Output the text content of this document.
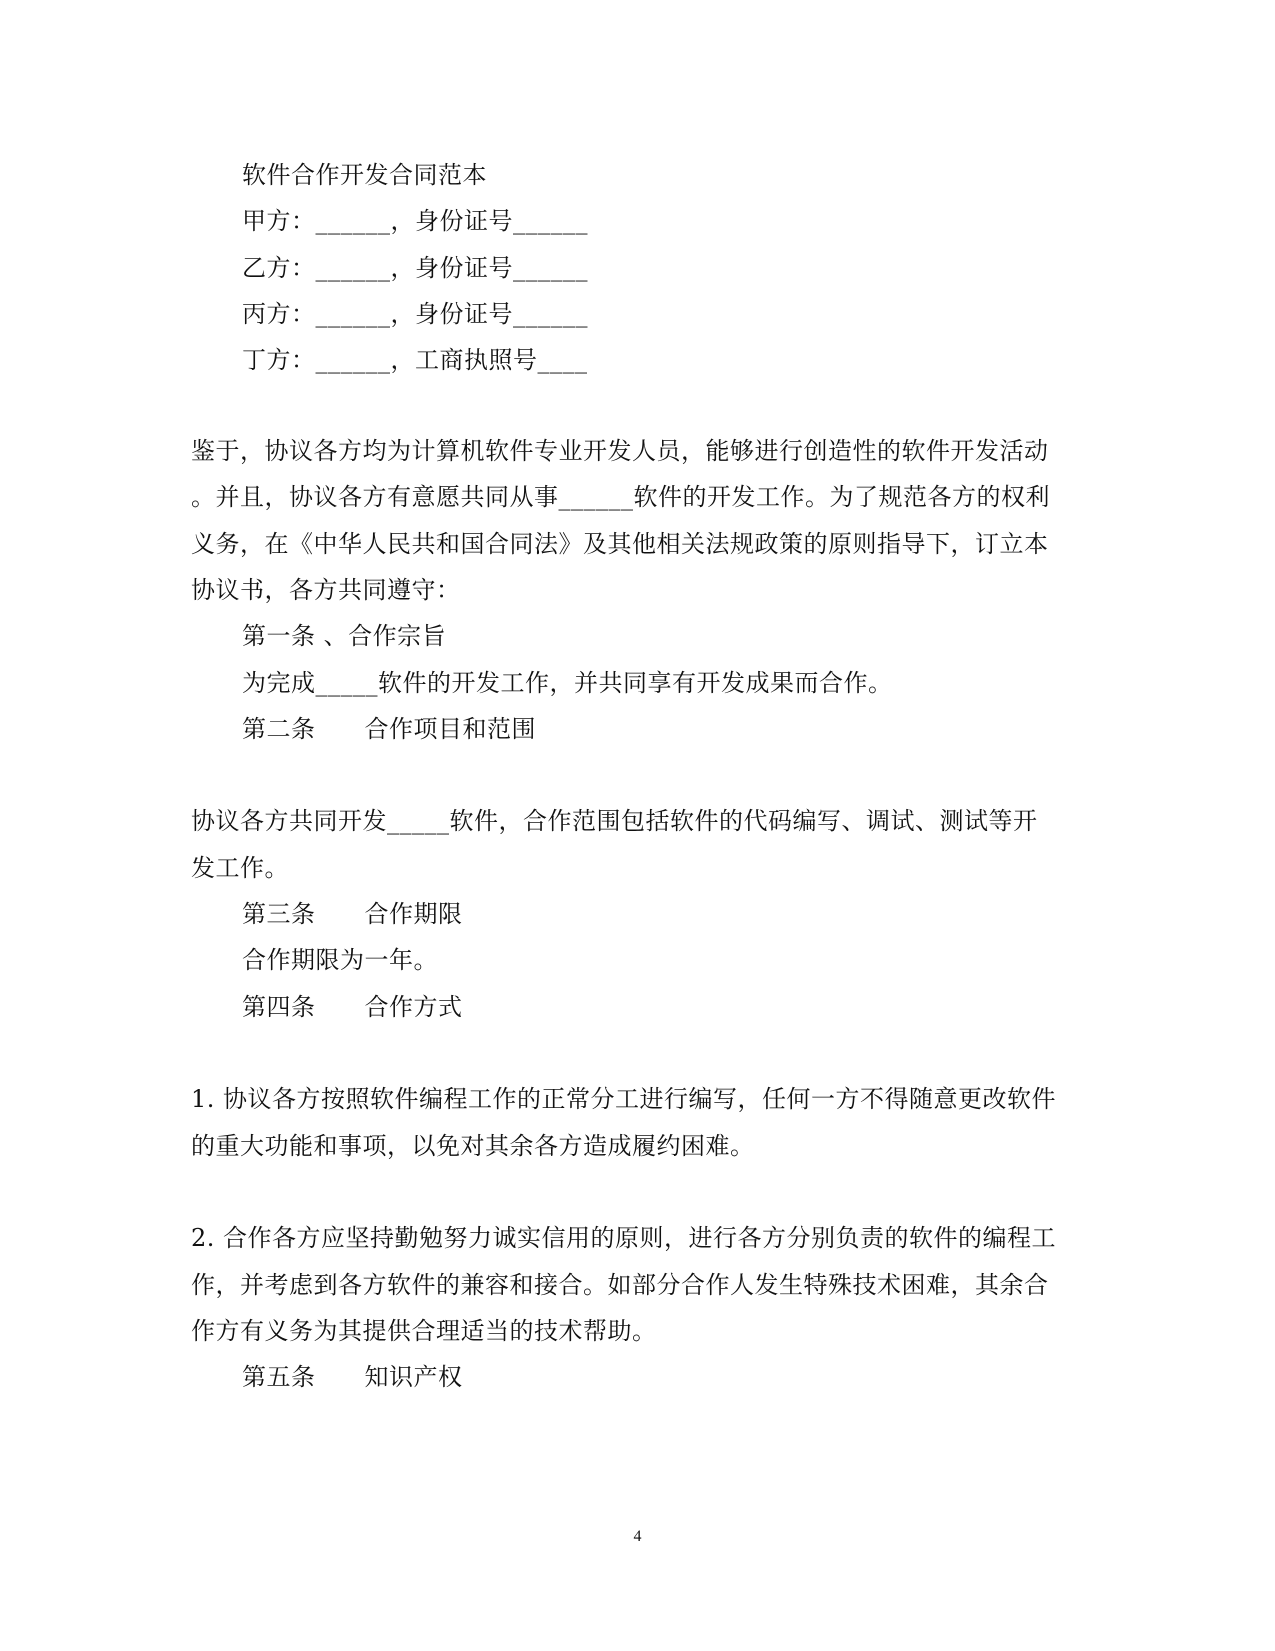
软件合作开发合同范本
甲方：______，身份证号______
乙方：______，身份证号______
丙方：______，身份证号______
丁方：______，工商执照号____
鉴于，协议各方均为计算机软件专业开发人员，能够进行创造性的软件开发活动
。并且，协议各方有意愿共同从事______软件的开发工作。为了规范各方的权利
义务，在《中华人民共和国合同法》及其他相关法规政策的原则指导下，订立本
协议书，各方共同遵守：
第一条 、合作宗旨
为完成_____软件的开发工作，并共同享有开发成果而合作。
第二条　　合作项目和范围
协议各方共同开发_____软件，合作范围包括软件的代码编写、调试、测试等开
发工作。
第三条　　合作期限
合作期限为一年。
第四条　　合作方式
1. 协议各方按照软件编程工作的正常分工进行编写，任何一方不得随意更改软件
的重大功能和事项，以免对其余各方造成履约困难。
2. 合作各方应坚持勤勉努力诚实信用的原则，进行各方分别负责的软件的编程工
作，并考虑到各方软件的兼容和接合。如部分合作人发生特殊技术困难，其余合
作方有义务为其提供合理适当的技术帮助。
第五条　　知识产权
4
